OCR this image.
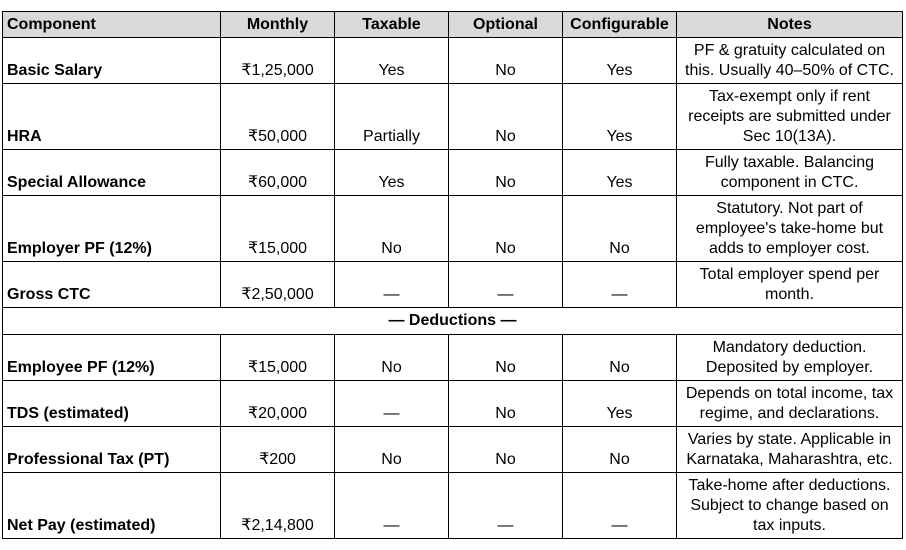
Component	Monthly	Taxable	Optional	Configurable	Notes
Basic Salary	₹1,25,000	Yes	No	Yes	PF & gratuity calculated on this. Usually 40–50% of CTC.
HRA	₹50,000	Partially	No	Yes	Tax-exempt only if rent receipts are submitted under Sec 10(13A).
Special Allowance	₹60,000	Yes	No	Yes	Fully taxable. Balancing component in CTC.
Employer PF (12%)	₹15,000	No	No	No	Statutory. Not part of employee's take-home but adds to employer cost.
Gross CTC	₹2,50,000	—	—	—	Total employer spend per month.
— Deductions —					
Employee PF (12%)	₹15,000	No	No	No	Mandatory deduction. Deposited by employer.
TDS (estimated)	₹20,000	—	No	Yes	Depends on total income, tax regime, and declarations.
Professional Tax (PT)	₹200	No	No	No	Varies by state. Applicable in Karnataka, Maharashtra, etc.
Net Pay (estimated)	₹2,14,800	—	—	—	Take-home after deductions. Subject to change based on tax inputs.
